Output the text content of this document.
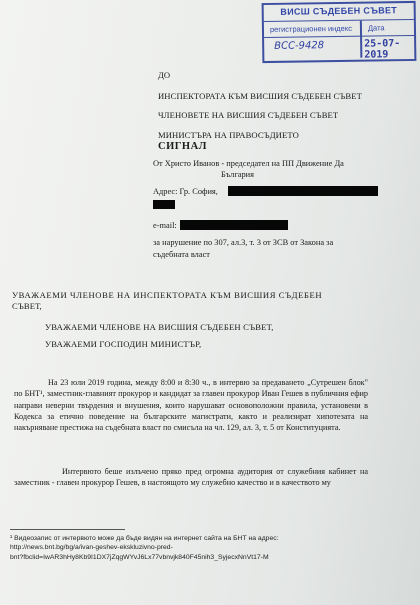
ВИСШ СЪДЕБЕН СЪВЕТ
регистрационен индекс Дата
ВСС-9428	25-07-2019
ДО
ИНСПЕКТОРАТА КЪМ ВИСШИЯ СЪДЕБЕН СЪВЕТ
ЧЛЕНОВЕТЕ НА ВИСШИЯ СЪДЕБЕН СЪВЕТ
МИНИСТЪРА НА ПРАВОСЪДИЕТО
СИГНАЛ
От Христо Иванов - председател на ПП Движение Да
България
Адрес: Гр. София,
e-mail:
за нарушение по 307, ал.3, т. 3 от ЗСВ от Закона за
съдебната власт
УВАЖАЕМИ ЧЛЕНОВЕ НА ИНСПЕКТОРАТА КЪМ ВИСШИЯ СЪДЕБЕН
СЪВЕТ,
УВАЖАЕМИ ЧЛЕНОВЕ НА ВИСШИЯ СЪДЕБЕН СЪВЕТ,
УВАЖАЕМИ ГОСПОДИН МИНИСТЪР,
На 23 юли 2019 година, между 8:00 и 8:30 ч., в интервю за предаването „Сутрешен блок" по БНТ¹, заместник-главният прокурор и кандидат за главен прокурор Иван Гешев в публичния ефир направи неверни твърдения и внушения, които нарушават основополoжни правила, установени в Кодекса за етично поведение на българските магистрати, както и реализират хипотезата на накърняване престижа на съдебната власт по смисъла на чл. 129, ал. 3, т. 5 от Конституцията.
Интервюто беше излъчено пряко пред огромна аудитория от служебния кабинет на заместник - главен прокурор Гешев, в настоящото му служебно качество и в качеството му
¹ Видеозапис от интервюто може да бъде видян на интернет сайта на БНТ на адрес:
http://news.bnt.bg/bg/a/ivan-geshev-ekskluzivno-pred-
bnt?fbclid=IwAR3hHy8Kb9I1DX7jZqgWYvJ6Lx77vbnvjk840F45nih3_SyjecxNnVt17-M
